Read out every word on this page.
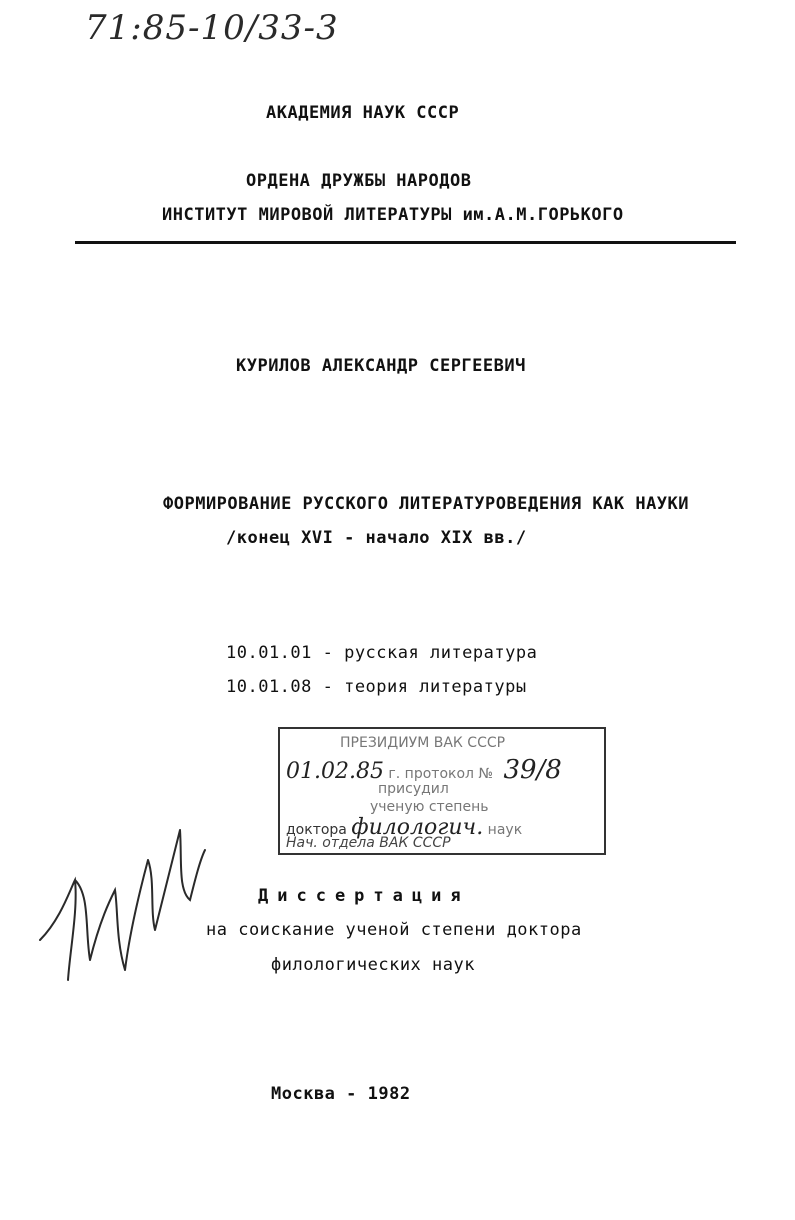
71:85-10/33-3
АКАДЕМИЯ НАУК СССР
ОРДЕНА ДРУЖБЫ НАРОДОВ
ИНСТИТУТ МИРОВОЙ ЛИТЕРАТУРЫ им.А.М.ГОРЬКОГО
КУРИЛОВ АЛЕКСАНДР СЕРГЕЕВИЧ
ФОРМИРОВАНИЕ РУССКОГО ЛИТЕРАТУРОВЕДЕНИЯ КАК НАУКИ
/конец XVI - начало XIX вв./
10.01.01 - русская литература
10.01.08 - теория литературы
ПРЕЗИДИУМ ВАК СССР
01.02.85 г. протокол № 39/8
присудил
ученую степень
доктора филологич. наук
Нач. отдела ВАК СССР
Диссертация
на соискание ученой степени доктора
филологических наук
Москва - 1982
